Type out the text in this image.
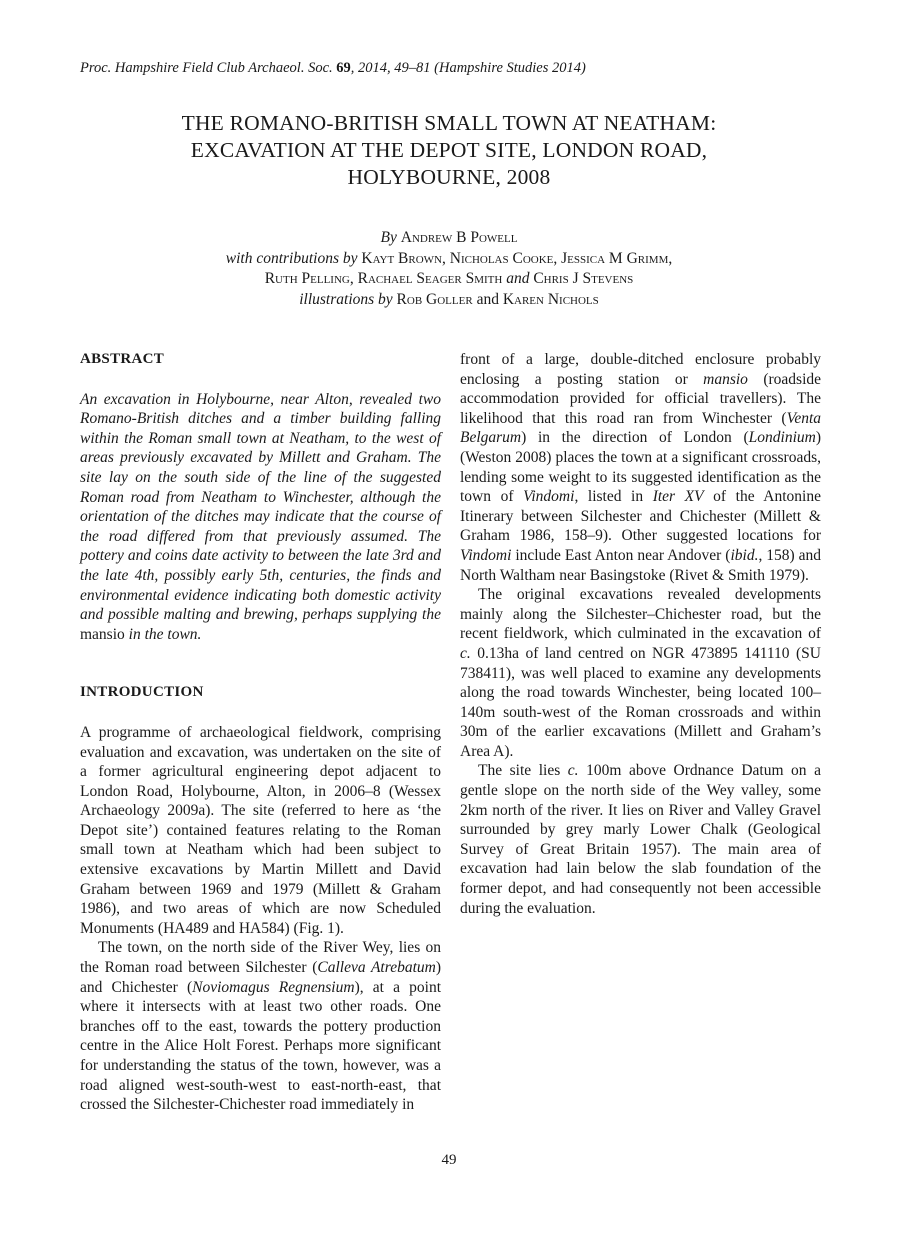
Proc. Hampshire Field Club Archaeol. Soc. 69, 2014, 49–81 (Hampshire Studies 2014)
THE ROMANO-BRITISH SMALL TOWN AT NEATHAM:
EXCAVATION AT THE DEPOT SITE, LONDON ROAD,
HOLYBOURNE, 2008
By Andrew B Powell
with contributions by Kayt Brown, Nicholas Cooke, Jessica M Grimm,
Ruth Pelling, Rachael Seager Smith and Chris J Stevens
illustrations by Rob Goller and Karen Nichols
ABSTRACT

An excavation in Holybourne, near Alton, revealed two Romano-British ditches and a timber building falling within the Roman small town at Neatham, to the west of areas previously excavated by Millett and Graham. The site lay on the south side of the line of the suggested Roman road from Neatham to Winchester, although the orientation of the ditches may indicate that the course of the road differed from that previously assumed. The pottery and coins date activity to between the late 3rd and the late 4th, possibly early 5th, centuries, the finds and environmental evidence indicating both domestic activity and possible malting and brewing, perhaps supplying the mansio in the town.

INTRODUCTION

A programme of archaeological fieldwork, comprising evaluation and excavation, was undertaken on the site of a former agricultural engineering depot adjacent to London Road, Holybourne, Alton, in 2006–8 (Wessex Archaeology 2009a). The site (referred to here as ‘the Depot site’) contained features relating to the Roman small town at Neatham which had been subject to extensive excavations by Martin Millett and David Graham between 1969 and 1979 (Millett & Graham 1986), and two areas of which are now Scheduled Monuments (HA489 and HA584) (Fig. 1).

The town, on the north side of the River Wey, lies on the Roman road between Silchester (Calleva Atrebatum) and Chichester (Noviomagus Regnensium), at a point where it intersects with at least two other roads. One branches off to the east, towards the pottery production centre in the Alice Holt Forest. Perhaps more significant for understanding the status of the town, however, was a road aligned west-south-west to east-north-east, that crossed the Silchester-Chichester road immediately in

front of a large, double-ditched enclosure probably enclosing a posting station or mansio (roadside accommodation provided for official travellers). The likelihood that this road ran from Winchester (Venta Belgarum) in the direction of London (Londinium) (Weston 2008) places the town at a significant crossroads, lending some weight to its suggested identification as the town of Vindomi, listed in Iter XV of the Antonine Itinerary between Silchester and Chichester (Millett & Graham 1986, 158–9). Other suggested locations for Vindomi include East Anton near Andover (ibid., 158) and North Waltham near Basingstoke (Rivet & Smith 1979).

The original excavations revealed developments mainly along the Silchester–Chichester road, but the recent fieldwork, which culminated in the excavation of c. 0.13ha of land centred on NGR 473895 141110 (SU 738411), was well placed to examine any developments along the road towards Winchester, being located 100–140m south-west of the Roman crossroads and within 30m of the earlier excavations (Millett and Graham’s Area A).

The site lies c. 100m above Ordnance Datum on a gentle slope on the north side of the Wey valley, some 2km north of the river. It lies on River and Valley Gravel surrounded by grey marly Lower Chalk (Geological Survey of Great Britain 1957). The main area of excavation had lain below the slab foundation of the former depot, and had consequently not been accessible during the evaluation.

49
